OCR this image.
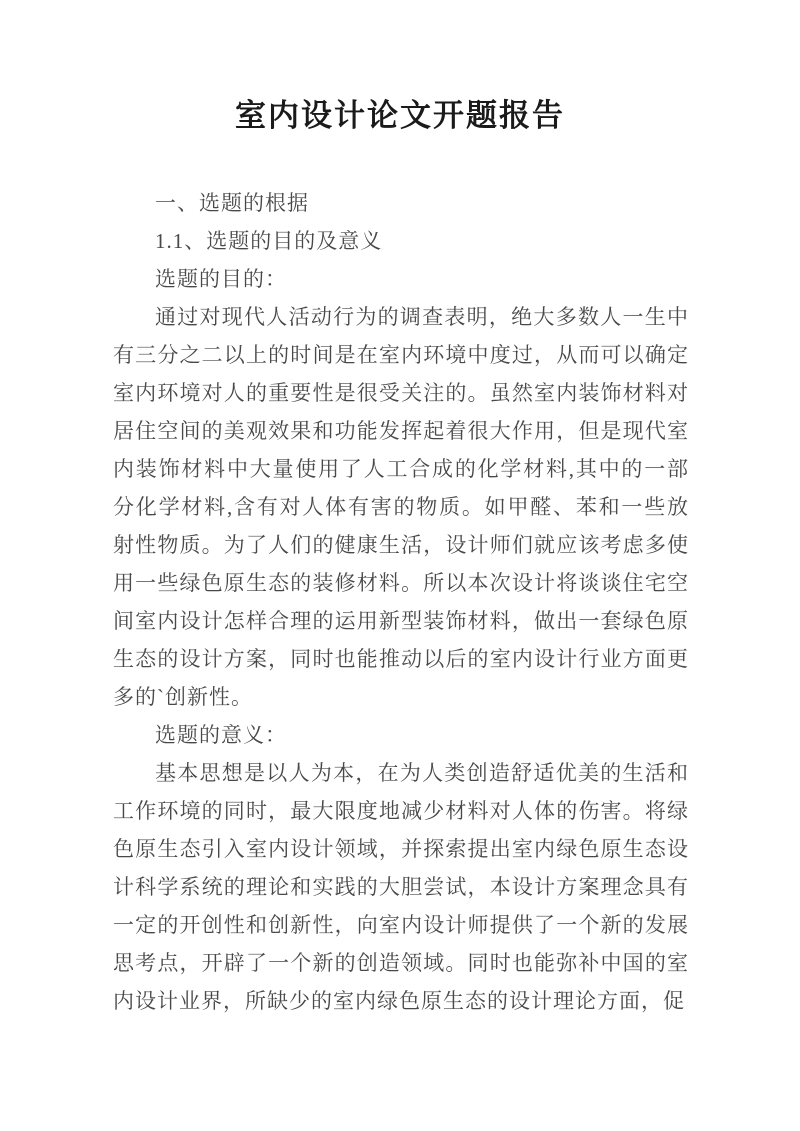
室内设计论文开题报告

一、选题的根据

1.1、选题的目的及意义

选题的目的：

通过对现代人活动行为的调查表明，绝大多数人一生中有三分之二以上的时间是在室内环境中度过，从而可以确定室内环境对人的重要性是很受关注的。虽然室内装饰材料对居住空间的美观效果和功能发挥起着很大作用，但是现代室内装饰材料中大量使用了人工合成的化学材料,其中的一部分化学材料,含有对人体有害的物质。如甲醛、苯和一些放射性物质。为了人们的健康生活，设计师们就应该考虑多使用一些绿色原生态的装修材料。所以本次设计将谈谈住宅空间室内设计怎样合理的运用新型装饰材料，做出一套绿色原生态的设计方案，同时也能推动以后的室内设计行业方面更多的`创新性。

选题的意义：

基本思想是以人为本，在为人类创造舒适优美的生活和工作环境的同时，最大限度地减少材料对人体的伤害。将绿色原生态引入室内设计领域，并探索提出室内绿色原生态设计科学系统的理论和实践的大胆尝试，本设计方案理念具有一定的开创性和创新性，向室内设计师提供了一个新的发展思考点，开辟了一个新的创造领域。同时也能弥补中国的室内设计业界，所缺少的室内绿色原生态的设计理论方面，促
